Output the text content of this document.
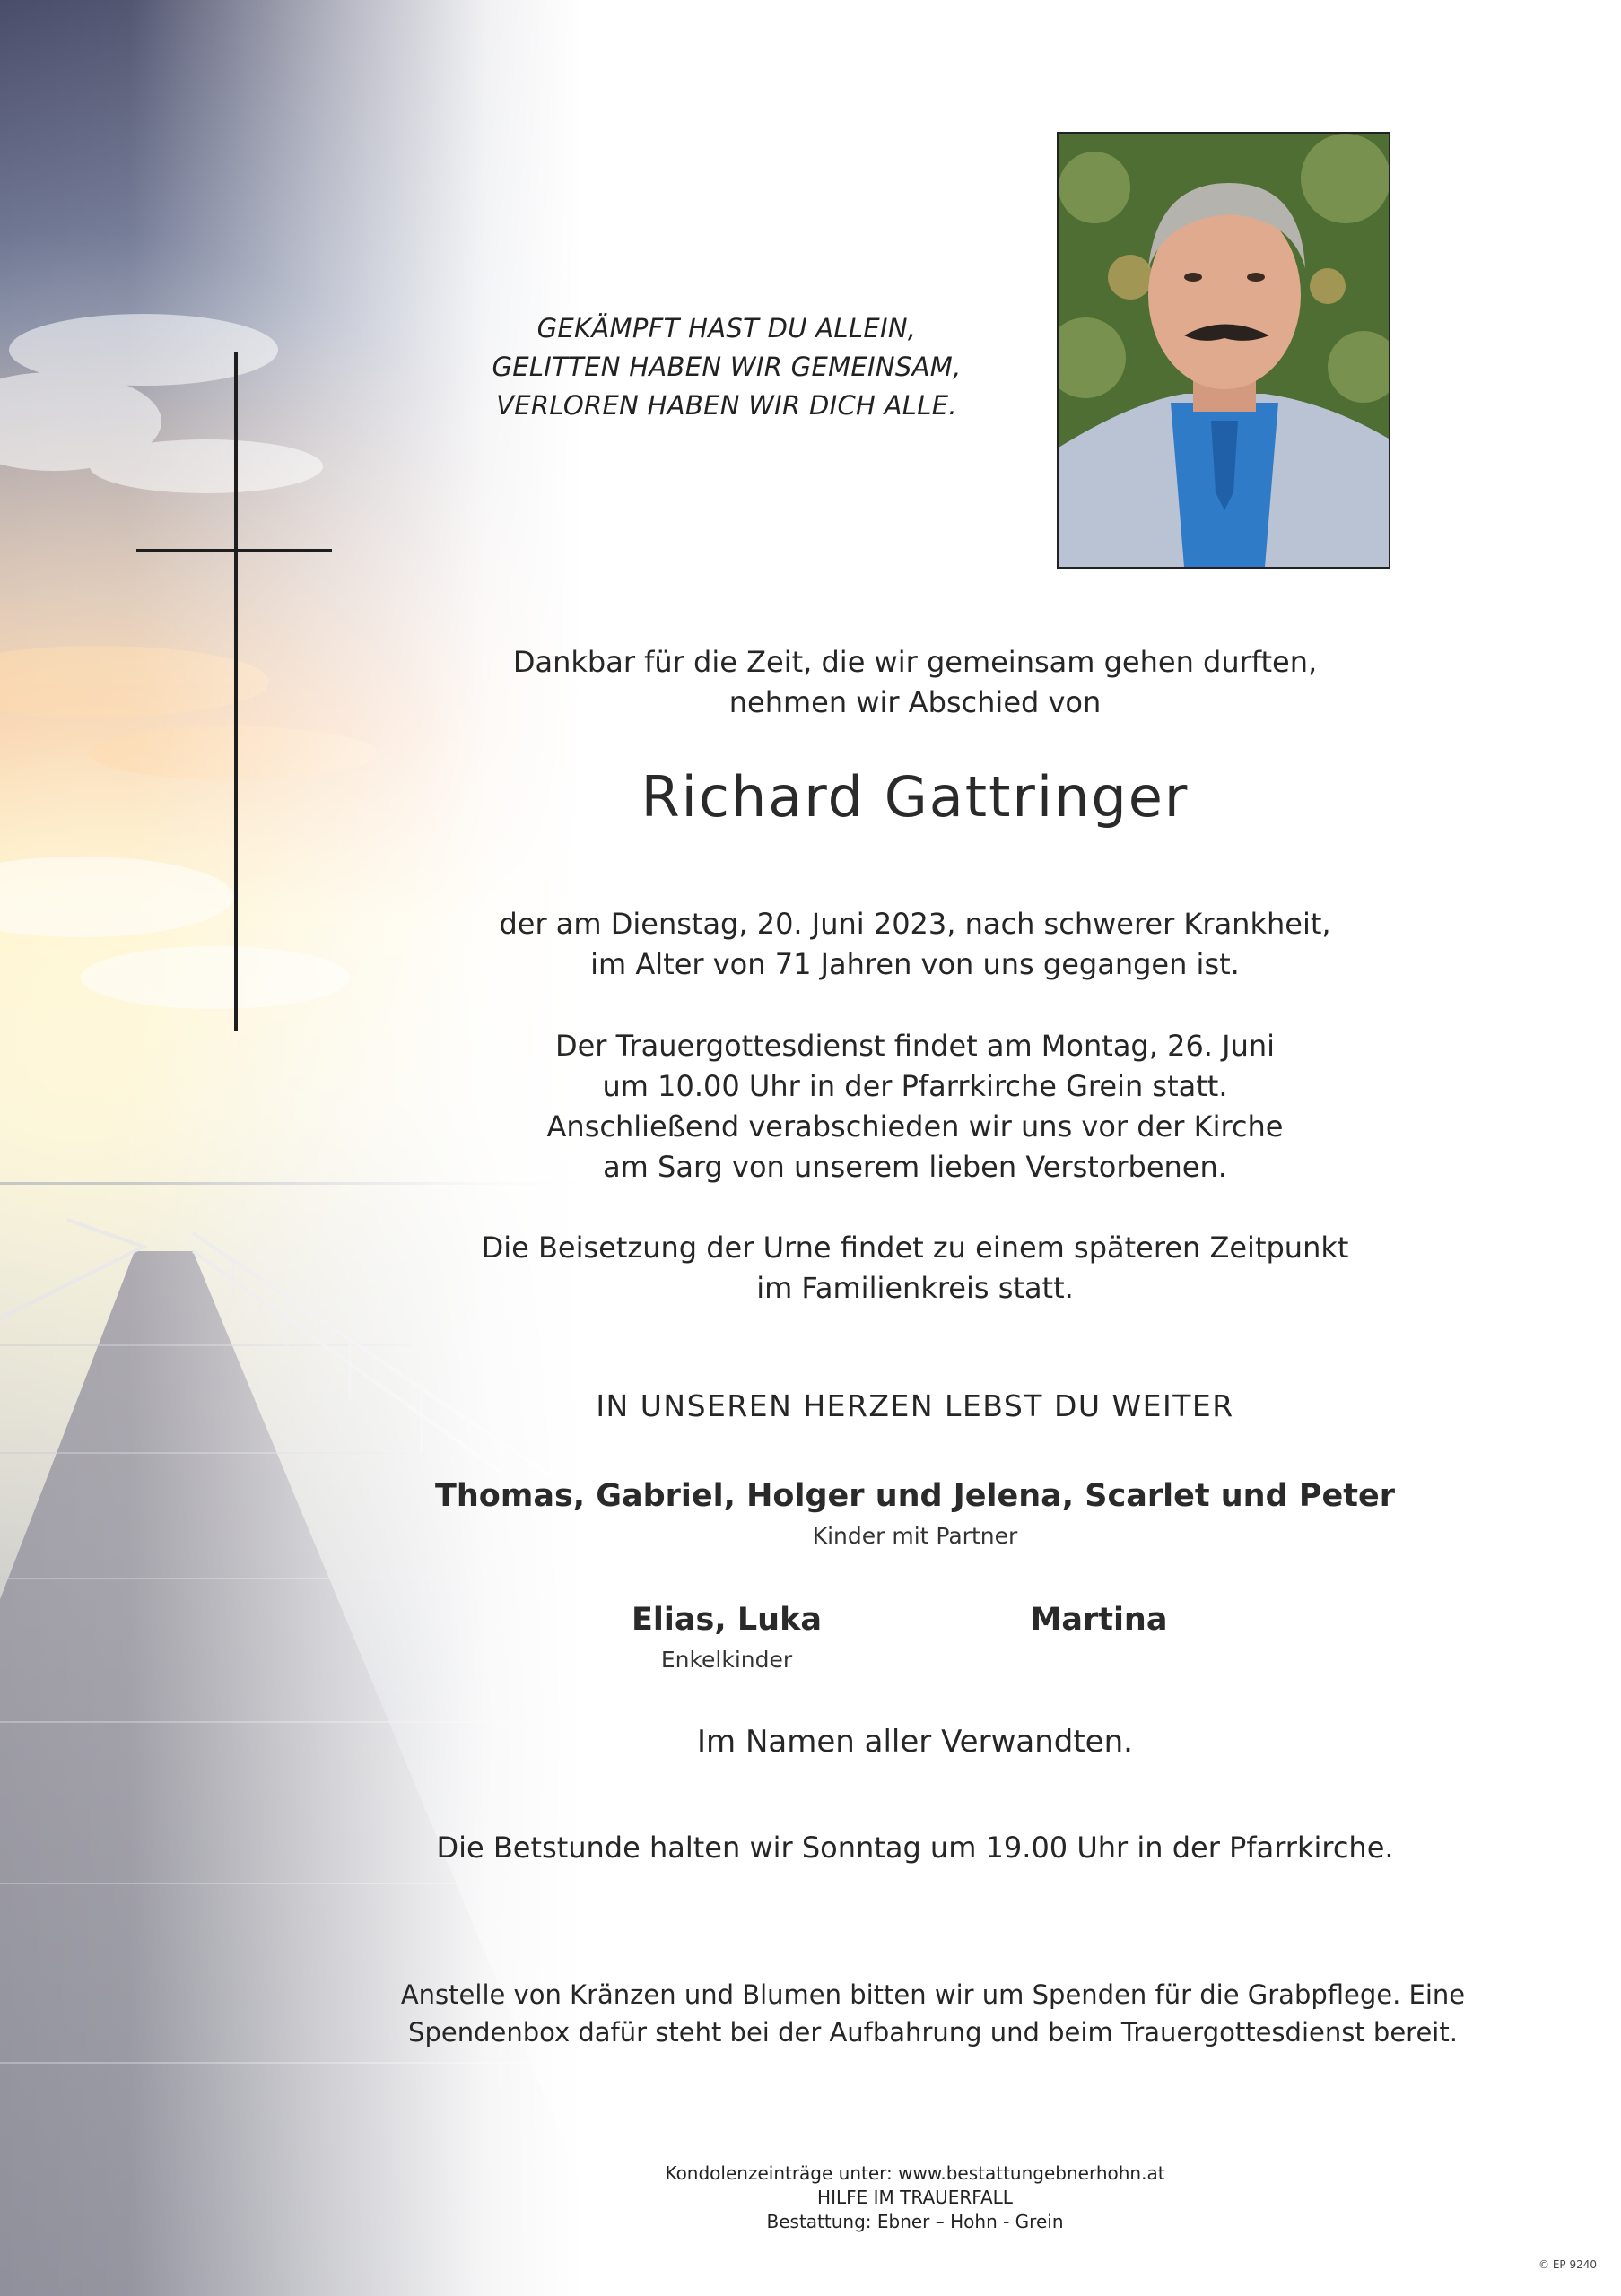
GEKÄMPFT HAST DU ALLEIN,
GELITTEN HABEN WIR GEMEINSAM,
VERLOREN HABEN WIR DICH ALLE.
Dankbar für die Zeit, die wir gemeinsam gehen durften,
nehmen wir Abschied von
Richard Gattringer
der am Dienstag, 20. Juni 2023, nach schwerer Krankheit,
im Alter von 71 Jahren von uns gegangen ist.
Der Trauergottesdienst findet am Montag, 26. Juni
um 10.00 Uhr in der Pfarrkirche Grein statt.
Anschließend verabschieden wir uns vor der Kirche
am Sarg von unserem lieben Verstorbenen.
Die Beisetzung der Urne findet zu einem späteren Zeitpunkt
im Familienkreis statt.
IN UNSEREN HERZEN LEBST DU WEITER
Thomas, Gabriel, Holger und Jelena, Scarlet und Peter
Kinder mit Partner
Elias, Luka
Enkelkinder
Martina
Im Namen aller Verwandten.
Die Betstunde halten wir Sonntag um 19.00 Uhr in der Pfarrkirche.
Anstelle von Kränzen und Blumen bitten wir um Spenden für die Grabpflege. Eine
Spendenbox dafür steht bei der Aufbahrung und beim Trauergottesdienst bereit.
Kondolenzeinträge unter: www.bestattungebnerhohn.at
HILFE IM TRAUERFALL
Bestattung: Ebner – Hohn - Grein
© EP 9240
